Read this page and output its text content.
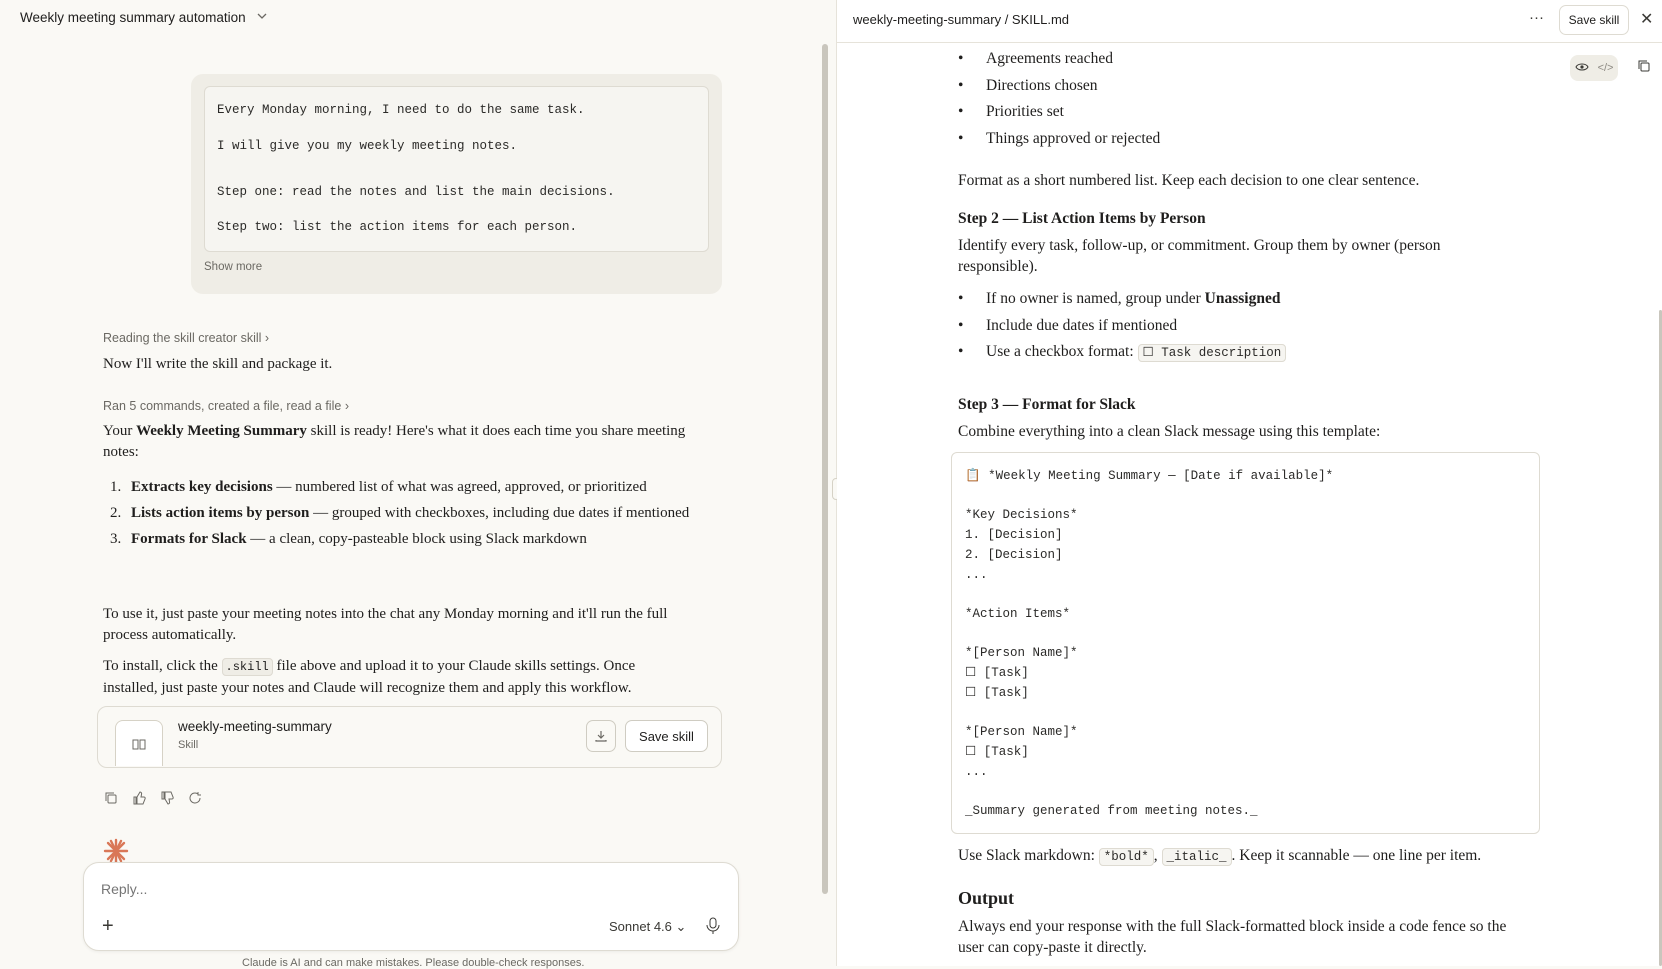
Weekly meeting summary automation

Every Monday morning, I need to do the same task.

I will give you my weekly meeting notes.

Step one: read the notes and list the main decisions.

Step two: list the action items for each person.

Show more
Reading the skill creator skill ›
Now I'll write the skill and package it.
Ran 5 commands, created a file, read a file ›
Your Weekly Meeting Summary skill is ready! Here's what it does each time you share meeting notes:
1. Extracts key decisions — numbered list of what was agreed, approved, or prioritized
2. Lists action items by person — grouped with checkboxes, including due dates if mentioned
3. Formats for Slack — a clean, copy-pasteable block using Slack markdown
To use it, just paste your meeting notes into the chat any Monday morning and it'll run the full process automatically.
To install, click the .skill file above and upload it to your Claude skills settings. Once installed, just paste your notes and Claude will recognize them and apply this workflow.
weekly-meeting-summary
Skill
Save skill
Reply...
+	Sonnet 4.6 ⌄
Claude is AI and can make mistakes. Please double-check responses.
weekly-meeting-summary / SKILL.md	···	Save skill	✕
</>
•	Agreements reached
•	Directions chosen
•	Priorities set
•	Things approved or rejected
Format as a short numbered list. Keep each decision to one clear sentence.
Step 2 — List Action Items by Person
Identify every task, follow-up, or commitment. Group them by owner (person responsible).
•	If no owner is named, group under Unassigned
•	Include due dates if mentioned
•	Use a checkbox format: ☐ Task description
Step 3 — Format for Slack
Combine everything into a clean Slack message using this template:
📋 *Weekly Meeting Summary — [Date if available]*

*Key Decisions*
1. [Decision]
2. [Decision]
...

*Action Items*

*[Person Name]*
☐ [Task]
☐ [Task]

*[Person Name]*
☐ [Task]
...

_Summary generated from meeting notes._
Use Slack markdown: *bold* , _italic_ . Keep it scannable — one line per item.
Output
Always end your response with the full Slack-formatted block inside a code fence so the user can copy-paste it directly.
